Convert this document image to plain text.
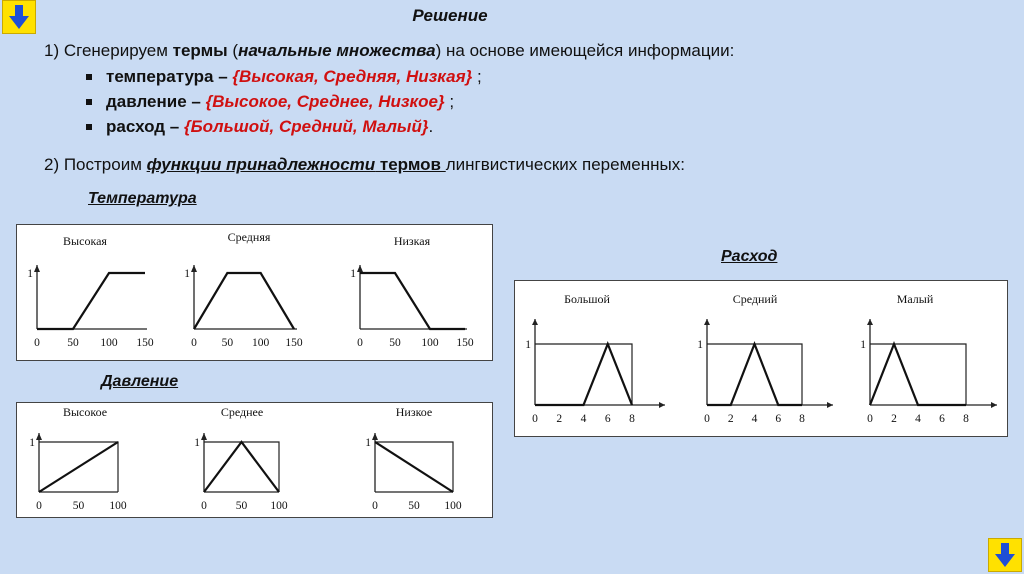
Решение
1) Сгенерируем термы (начальные множества) на основе имеющейся информации:
температура – {Высокая, Средняя, Низкая} ;
давление – {Высокое, Среднее, Низкое} ;
расход – {Большой, Средний, Малый}.
2) Построим функции принадлежности термов лингвистических переменных:
Температура
Давление
Расход
Высокая
1
0 50 100 150
Средняя
1
0 50 100 150
Низкая
1
0 50 100 150
Высокое
1
0	50 100
Среднее
1
0	50 100
Низкое
1
0	50 100
Большой
1
0 2 4 6 8
Средний
1
0 2 4 6 8
Малый
1
0 2 4 6 8
